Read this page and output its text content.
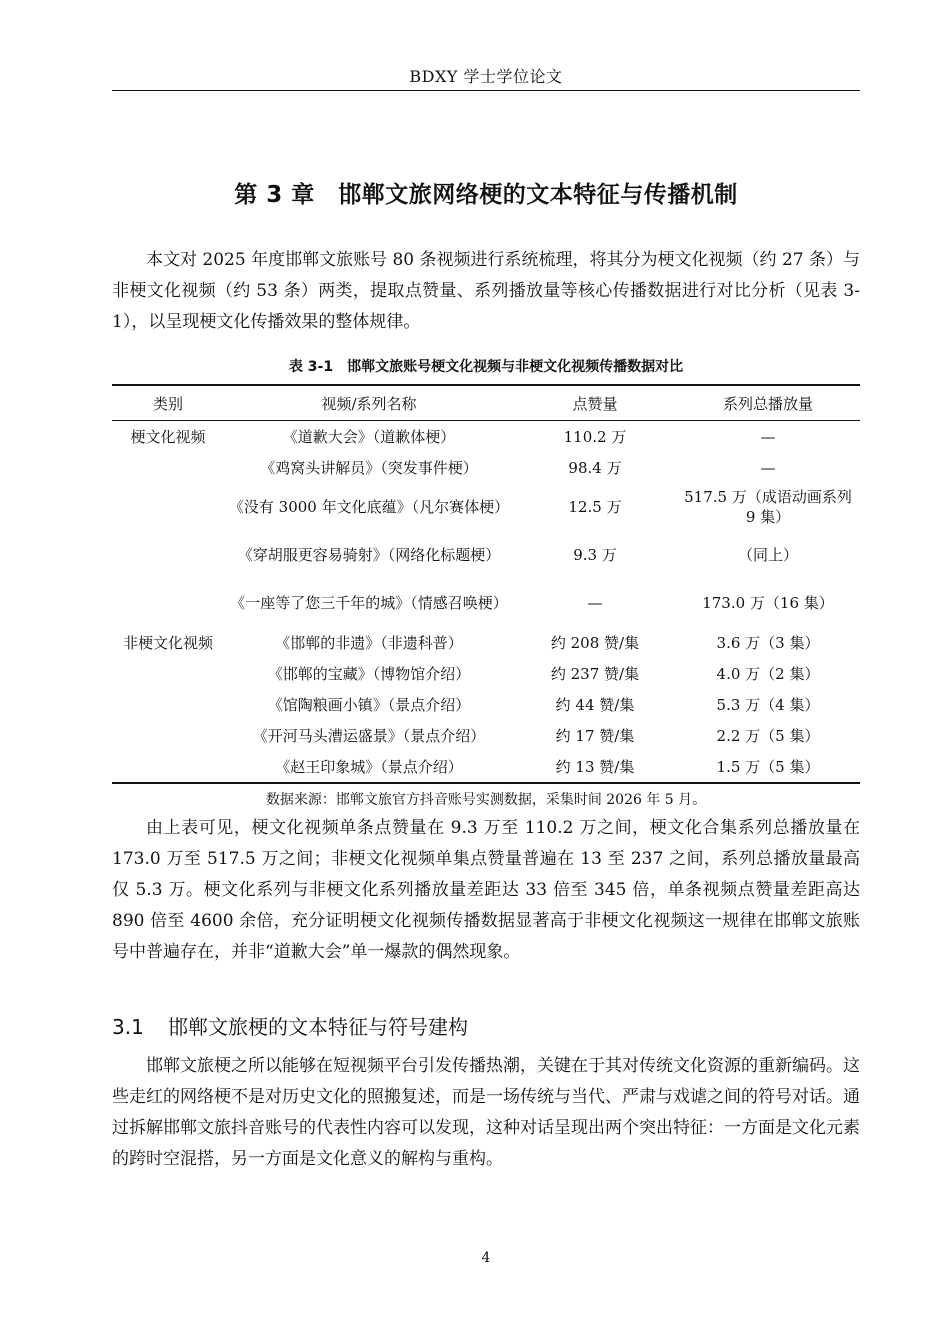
BDXY 学士学位论文
第 3 章　邯郸文旅网络梗的文本特征与传播机制

本文对 2025 年度邯郸文旅账号 80 条视频进行系统梳理，将其分为梗文化视频（约 27 条）与非梗文化视频（约 53 条）两类，提取点赞量、系列播放量等核心传播数据进行对比分析（见表 3-1），以呈现梗文化传播效果的整体规律。

表 3-1　邯郸文旅账号梗文化视频与非梗文化视频传播数据对比
类别	视频/系列名称	点赞量	系列总播放量
梗文化视频	《道歉大会》（道歉体梗）	110.2 万	—
	《鸡窝头讲解员》（突发事件梗）	98.4 万	—
	《没有 3000 年文化底蕴》（凡尔赛体梗）	12.5 万	517.5 万（成语动画系列 9 集）
	《穿胡服更容易骑射》（网络化标题梗）	9.3 万	（同上）
	《一座等了您三千年的城》（情感召唤梗）	—	173.0 万（16 集）
非梗文化视频	《邯郸的非遗》（非遗科普）	约 208 赞/集	3.6 万（3 集）
	《邯郸的宝藏》（博物馆介绍）	约 237 赞/集	4.0 万（2 集）
	《馆陶粮画小镇》（景点介绍）	约 44 赞/集	5.3 万（4 集）
	《开河马头漕运盛景》（景点介绍）	约 17 赞/集	2.2 万（5 集）
	《赵王印象城》（景点介绍）	约 13 赞/集	1.5 万（5 集）
数据来源：邯郸文旅官方抖音账号实测数据，采集时间 2026 年 5 月。

由上表可见，梗文化视频单条点赞量在 9.3 万至 110.2 万之间，梗文化合集系列总播放量在 173.0 万至 517.5 万之间；非梗文化视频单集点赞量普遍在 13 至 237 之间，系列总播放量最高仅 5.3 万。梗文化系列与非梗文化系列播放量差距达 33 倍至 345 倍，单条视频点赞量差距高达 890 倍至 4600 余倍，充分证明梗文化视频传播数据显著高于非梗文化视频这一规律在邯郸文旅账号中普遍存在，并非“道歉大会”单一爆款的偶然现象。

3.1 邯郸文旅梗的文本特征与符号建构

邯郸文旅梗之所以能够在短视频平台引发传播热潮，关键在于其对传统文化资源的重新编码。这些走红的网络梗不是对历史文化的照搬复述，而是一场传统与当代、严肃与戏谑之间的符号对话。通过拆解邯郸文旅抖音账号的代表性内容可以发现，这种对话呈现出两个突出特征：一方面是文化元素的跨时空混搭，另一方面是文化意义的解构与重构。

4
